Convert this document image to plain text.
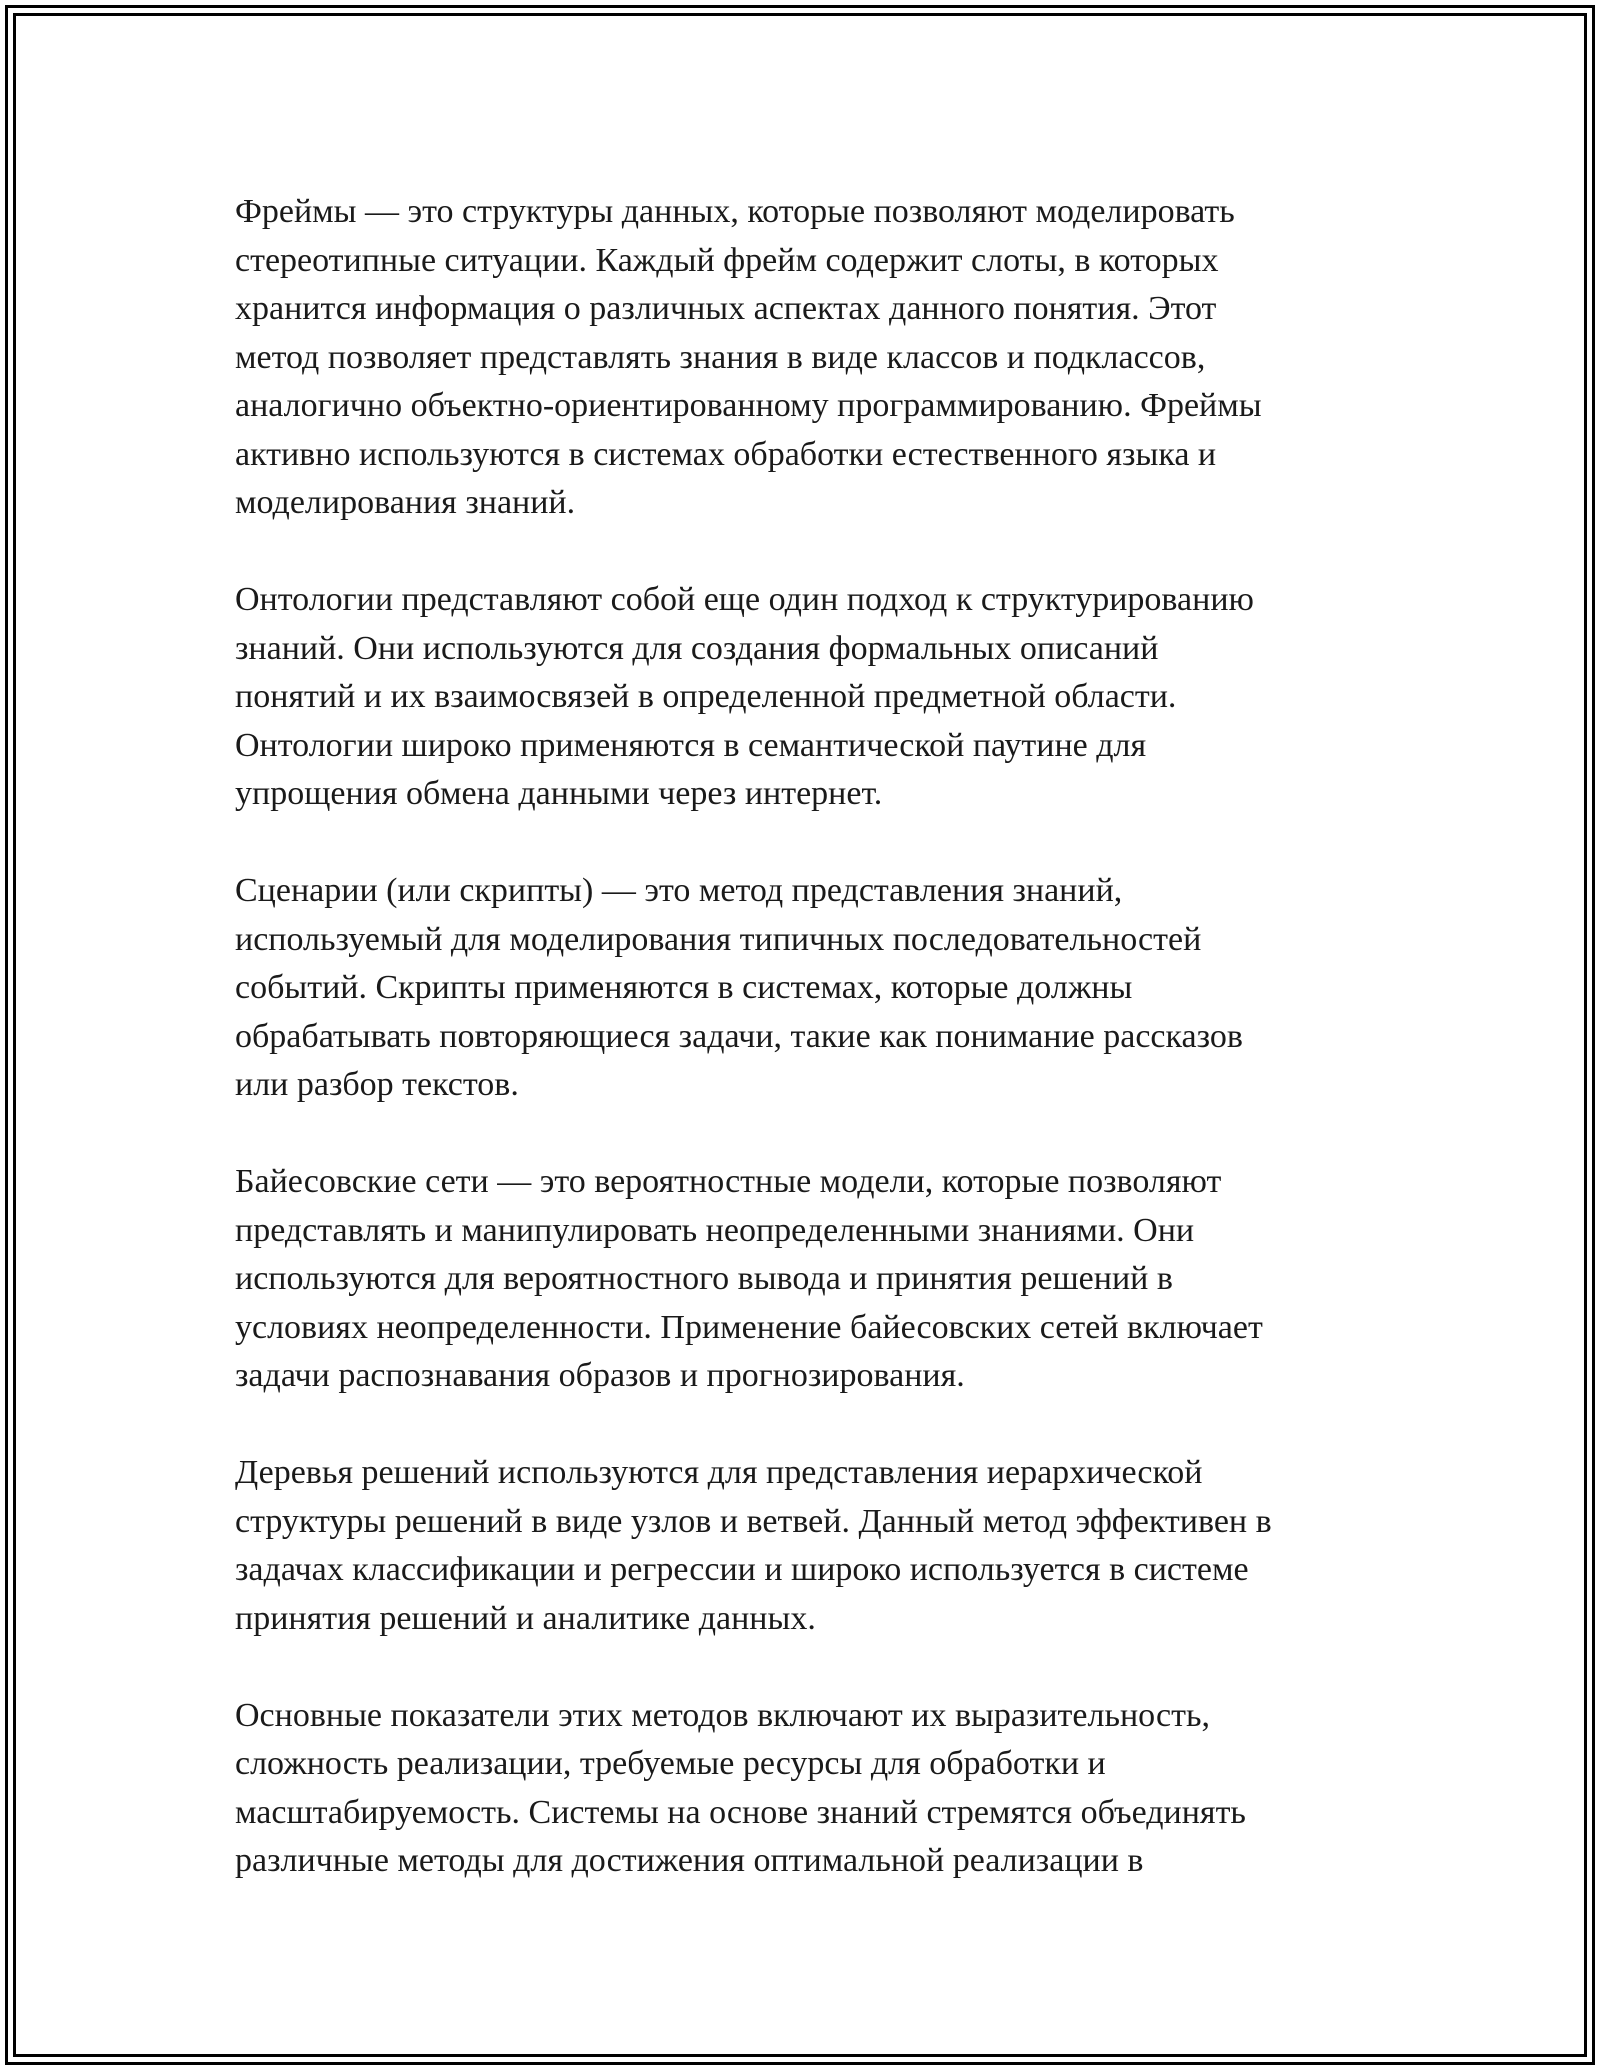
Фреймы — это структуры данных, которые позволяют моделировать
стереотипные ситуации. Каждый фрейм содержит слоты, в которых
хранится информация о различных аспектах данного понятия. Этот
метод позволяет представлять знания в виде классов и подклассов,
аналогично объектно-ориентированному программированию. Фреймы
активно используются в системах обработки естественного языка и
моделирования знаний.

Онтологии представляют собой еще один подход к структурированию
знаний. Они используются для создания формальных описаний
понятий и их взаимосвязей в определенной предметной области.
Онтологии широко применяются в семантической паутине для
упрощения обмена данными через интернет.

Сценарии (или скрипты) — это метод представления знаний,
используемый для моделирования типичных последовательностей
событий. Скрипты применяются в системах, которые должны
обрабатывать повторяющиеся задачи, такие как понимание рассказов
или разбор текстов.

Байесовские сети — это вероятностные модели, которые позволяют
представлять и манипулировать неопределенными знаниями. Они
используются для вероятностного вывода и принятия решений в
условиях неопределенности. Применение байесовских сетей включает
задачи распознавания образов и прогнозирования.

Деревья решений используются для представления иерархической
структуры решений в виде узлов и ветвей. Данный метод эффективен в
задачах классификации и регрессии и широко используется в системе
принятия решений и аналитике данных.

Основные показатели этих методов включают их выразительность,
сложность реализации, требуемые ресурсы для обработки и
масштабируемость. Системы на основе знаний стремятся объединять
различные методы для достижения оптимальной реализации в
